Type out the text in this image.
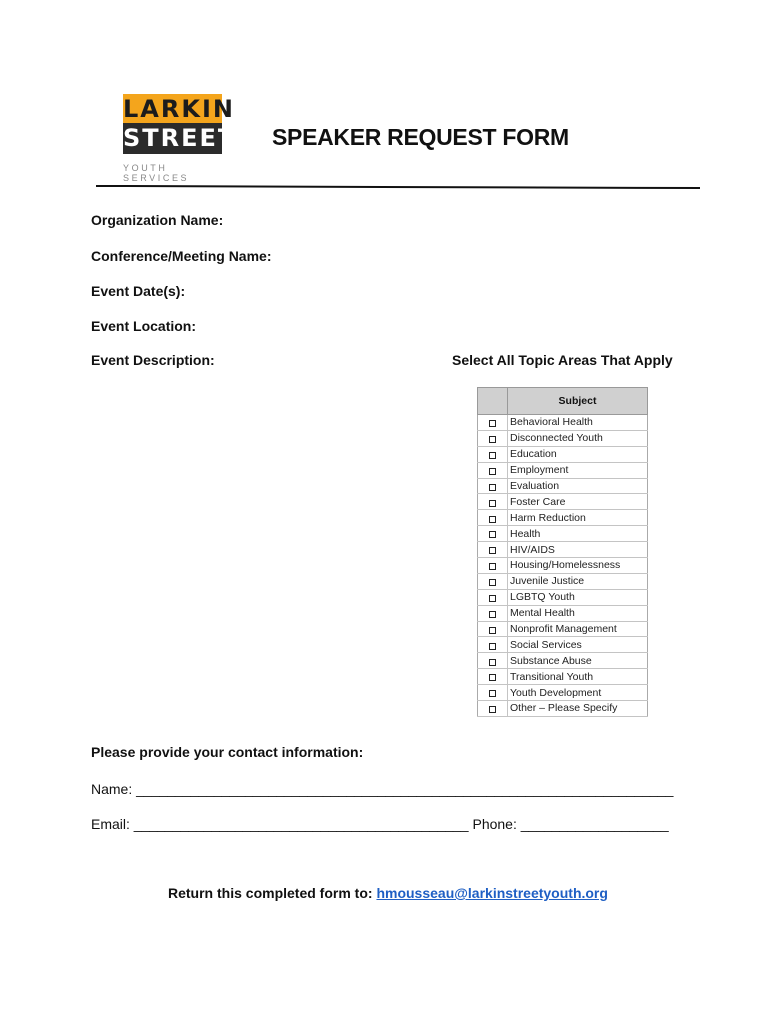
LARKIN
STREET
YOUTH SERVICES
SPEAKER REQUEST FORM
Organization Name:
Conference/Meeting Name:
Event Date(s):
Event Location:
Event Description:	Select All Topic Areas That Apply
	Subject
	Behavioral Health
	Disconnected Youth
	Education
	Employment
	Evaluation
	Foster Care
	Harm Reduction
	Health
	HIV/AIDS
	Housing/Homelessness
	Juvenile Justice
	LGBTQ Youth
	Mental Health
	Nonprofit Management
	Social Services
	Substance Abuse
	Transitional Youth
	Youth Development
	Other – Please Specify
Please provide your contact information:
Name: _____________________________________________________________________
Email: ___________________________________________ Phone: ___________________
Return this completed form to: hmousseau@larkinstreetyouth.org
